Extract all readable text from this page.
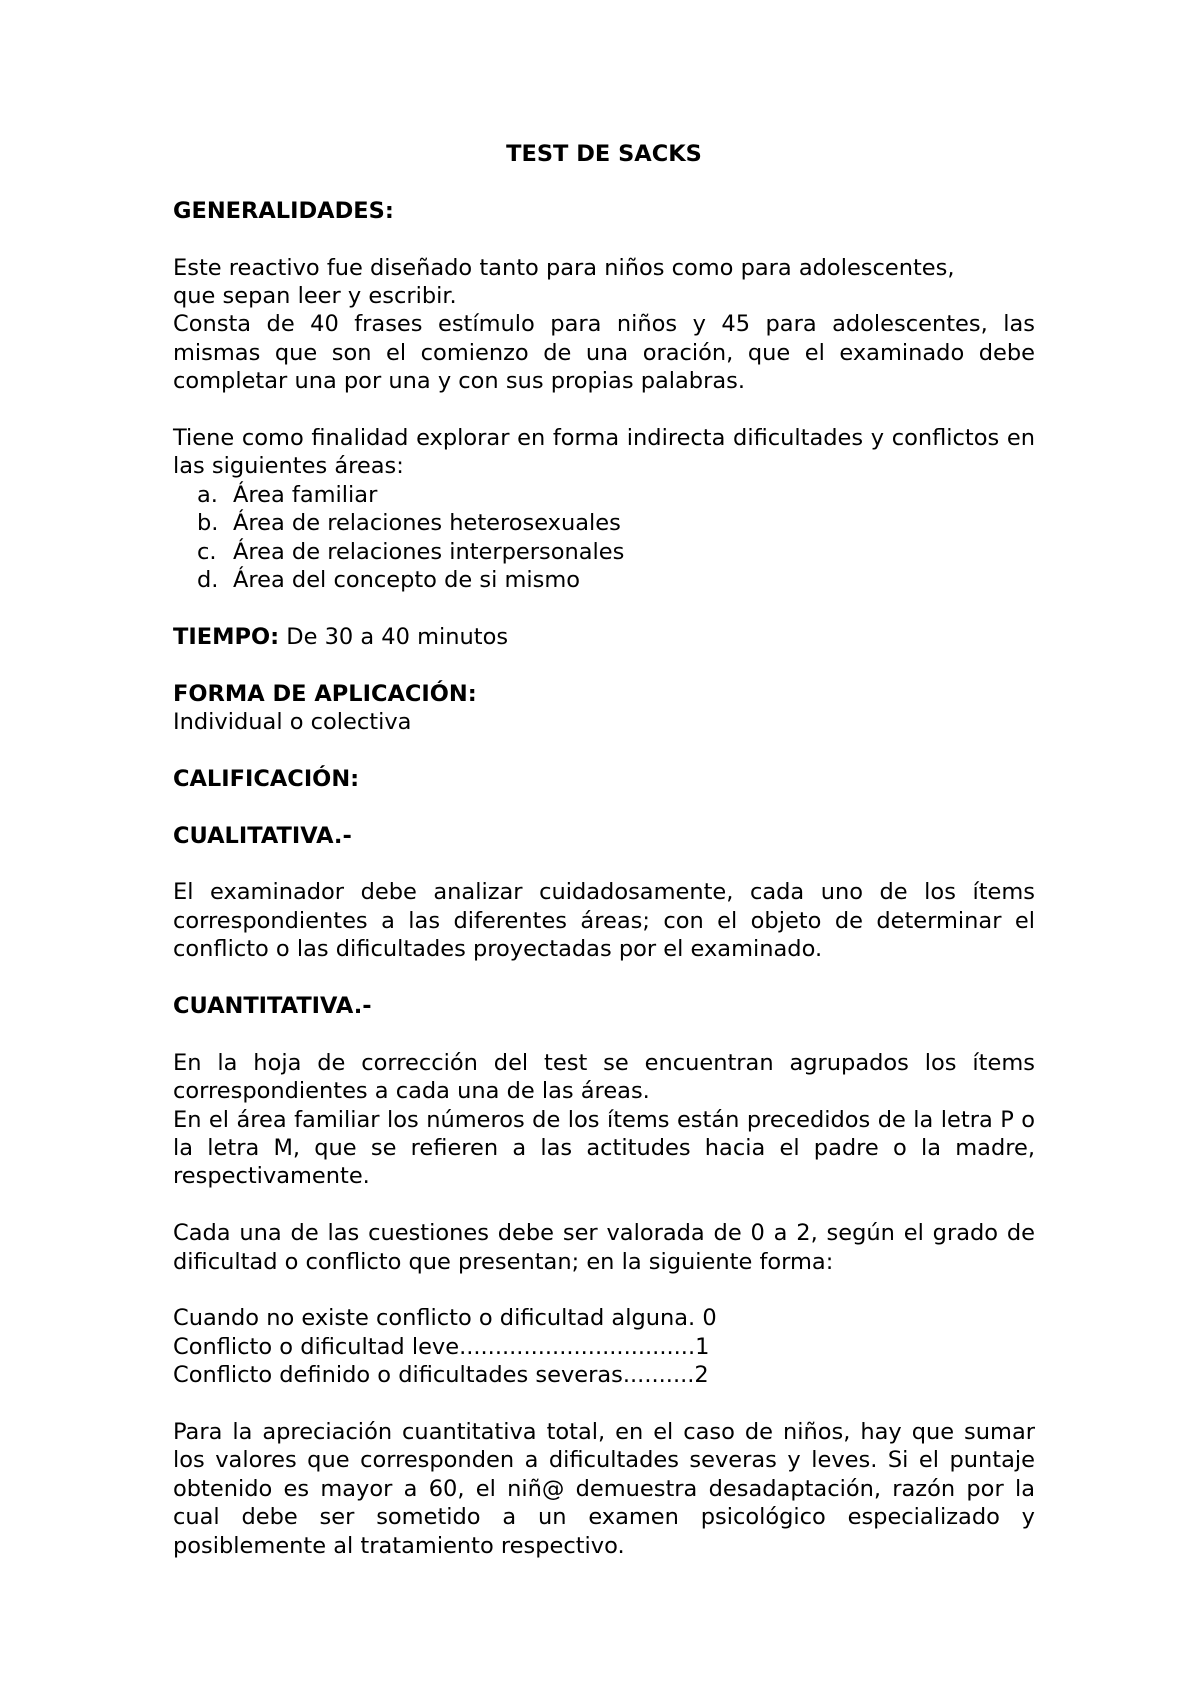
TEST DE SACKS

GENERALIDADES:

Este reactivo fue diseñado tanto para niños como para adolescentes,
que sepan leer y escribir.

Consta de 40 frases estímulo para niños y 45 para adolescentes, las mismas que son el comienzo de una oración, que el examinado debe completar una por una y con sus propias palabras.

Tiene como finalidad explorar en forma indirecta dificultades y conflictos en las siguientes áreas:

a. Área familiar
b. Área de relaciones heterosexuales
c. Área de relaciones interpersonales
d. Área del concepto de si mismo

TIEMPO: De 30 a 40 minutos

FORMA DE APLICACIÓN:

Individual o colectiva

CALIFICACIÓN:

CUALITATIVA.-

El examinador debe analizar cuidadosamente, cada uno de los ítems correspondientes a las diferentes áreas; con el objeto de determinar el conflicto o las dificultades proyectadas por el examinado.

CUANTITATIVA.-

En la hoja de corrección del test se encuentran agrupados los ítems correspondientes a cada una de las áreas.

En el área familiar los números de los ítems están precedidos de la letra P o la letra M, que se refieren a las actitudes hacia el padre o la madre, respectivamente.

Cada una de las cuestiones debe ser valorada de 0 a 2, según el grado de dificultad o conflicto que presentan; en la siguiente forma:

Cuando no existe conflicto o dificultad alguna. 0
Conflicto o dificultad leve.................................1
Conflicto definido o dificultades severas..........2

Para la apreciación cuantitativa total, en el caso de niños, hay que sumar los valores que corresponden a dificultades severas y leves. Si el puntaje obtenido es mayor a 60, el niñ@ demuestra desadaptación, razón por la cual debe ser sometido a un examen psicológico especializado y posiblemente al tratamiento respectivo.
